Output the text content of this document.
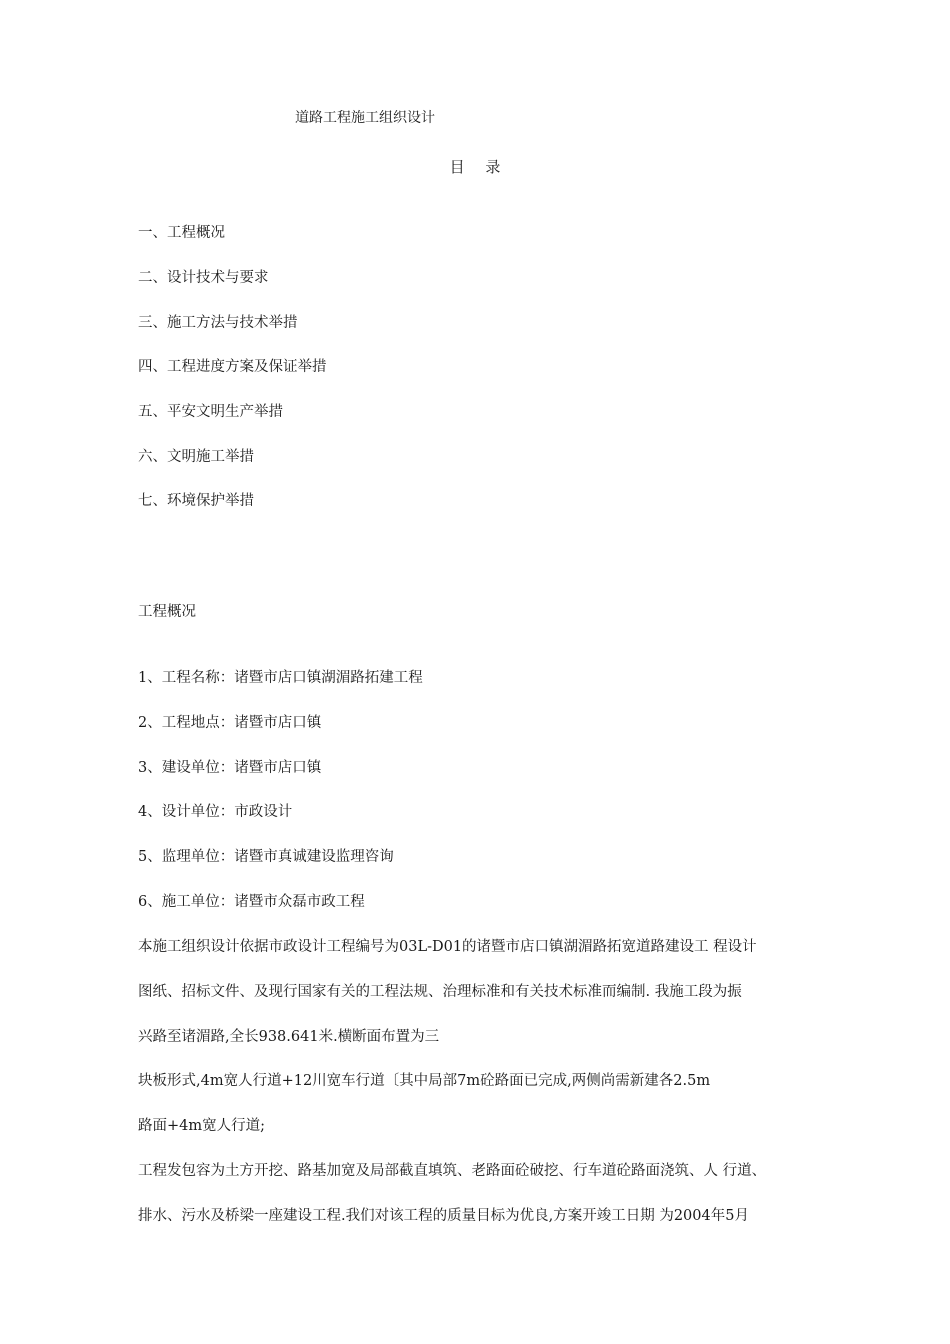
道路工程施工组织设计
目 录
一、工程概况
二、设计技术与要求
三、施工方法与技术举措
四、工程进度方案及保证举措
五、平安文明生产举措
六、文明施工举措
七、环境保护举措
工程概况
1、工程名称：诸暨市店口镇湖湄路拓建工程
2、工程地点：诸暨市店口镇
3、建设单位：诸暨市店口镇
4、设计单位：市政设计
5、监理单位：诸暨市真诚建设监理咨询
6、施工单位：诸暨市众磊市政工程
本施工组织设计依据市政设计工程编号为03L-D01的诸暨市店口镇湖湄路拓宽道路建设工 程设计
图纸、招标文件、及现行国家有关的工程法规、治理标准和有关技术标准而编制. 我施工段为振
兴路至诸湄路,全长938.641米.横断面布置为三
块板形式,4m宽人行道+12川宽车行道〔其中局部7m砼路面已完成,两侧尚需新建各2.5m
路面+4m宽人行道;
工程发包容为土方开挖、路基加宽及局部截直填筑、老路面砼破挖、行车道砼路面浇筑、人 行道、
排水、污水及桥梁一座建设工程.我们对该工程的质量目标为优良,方案开竣工日期 为2004年5月
